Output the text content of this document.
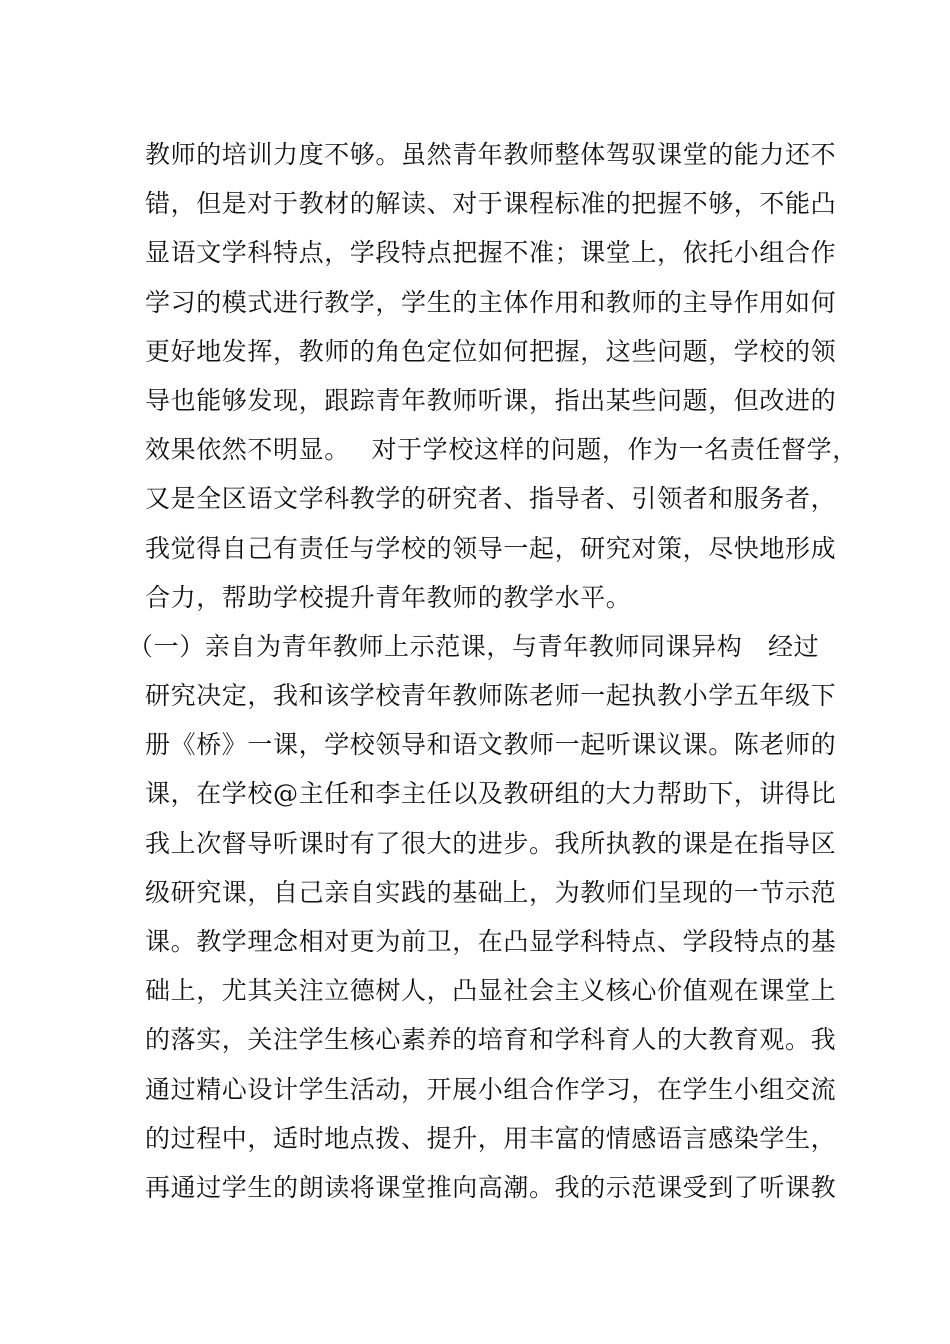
教师的培训力度不够。虽然青年教师整体驾驭课堂的能力还不
错，但是对于教材的解读、对于课程标准的把握不够，不能凸
显语文学科特点，学段特点把握不准；课堂上，依托小组合作
学习的模式进行教学，学生的主体作用和教师的主导作用如何
更好地发挥，教师的角色定位如何把握，这些问题，学校的领
导也能够发现，跟踪青年教师听课，指出某些问题，但改进的
效果依然不明显。　 对于学校这样的问题，作为一名责任督学，
又是全区语文学科教学的研究者、指导者、引领者和服务者，
我觉得自己有责任与学校的领导一起，研究对策，尽快地形成
合力，帮助学校提升青年教师的教学水平。
（一）亲自为青年教师上示范课，与青年教师同课异构　经过
研究决定，我和该学校青年教师陈老师一起执教小学五年级下
册《桥》一课，学校领导和语文教师一起听课议课。陈老师的
课，在学校@主任和李主任以及教研组的大力帮助下，讲得比
我上次督导听课时有了很大的进步。我所执教的课是在指导区
级研究课，自己亲自实践的基础上，为教师们呈现的一节示范
课。教学理念相对更为前卫，在凸显学科特点、学段特点的基
础上，尤其关注立德树人，凸显社会主义核心价值观在课堂上
的落实，关注学生核心素养的培育和学科育人的大教育观。我
通过精心设计学生活动，开展小组合作学习，在学生小组交流
的过程中，适时地点拨、提升，用丰富的情感语言感染学生，
再通过学生的朗读将课堂推向高潮。我的示范课受到了听课教
